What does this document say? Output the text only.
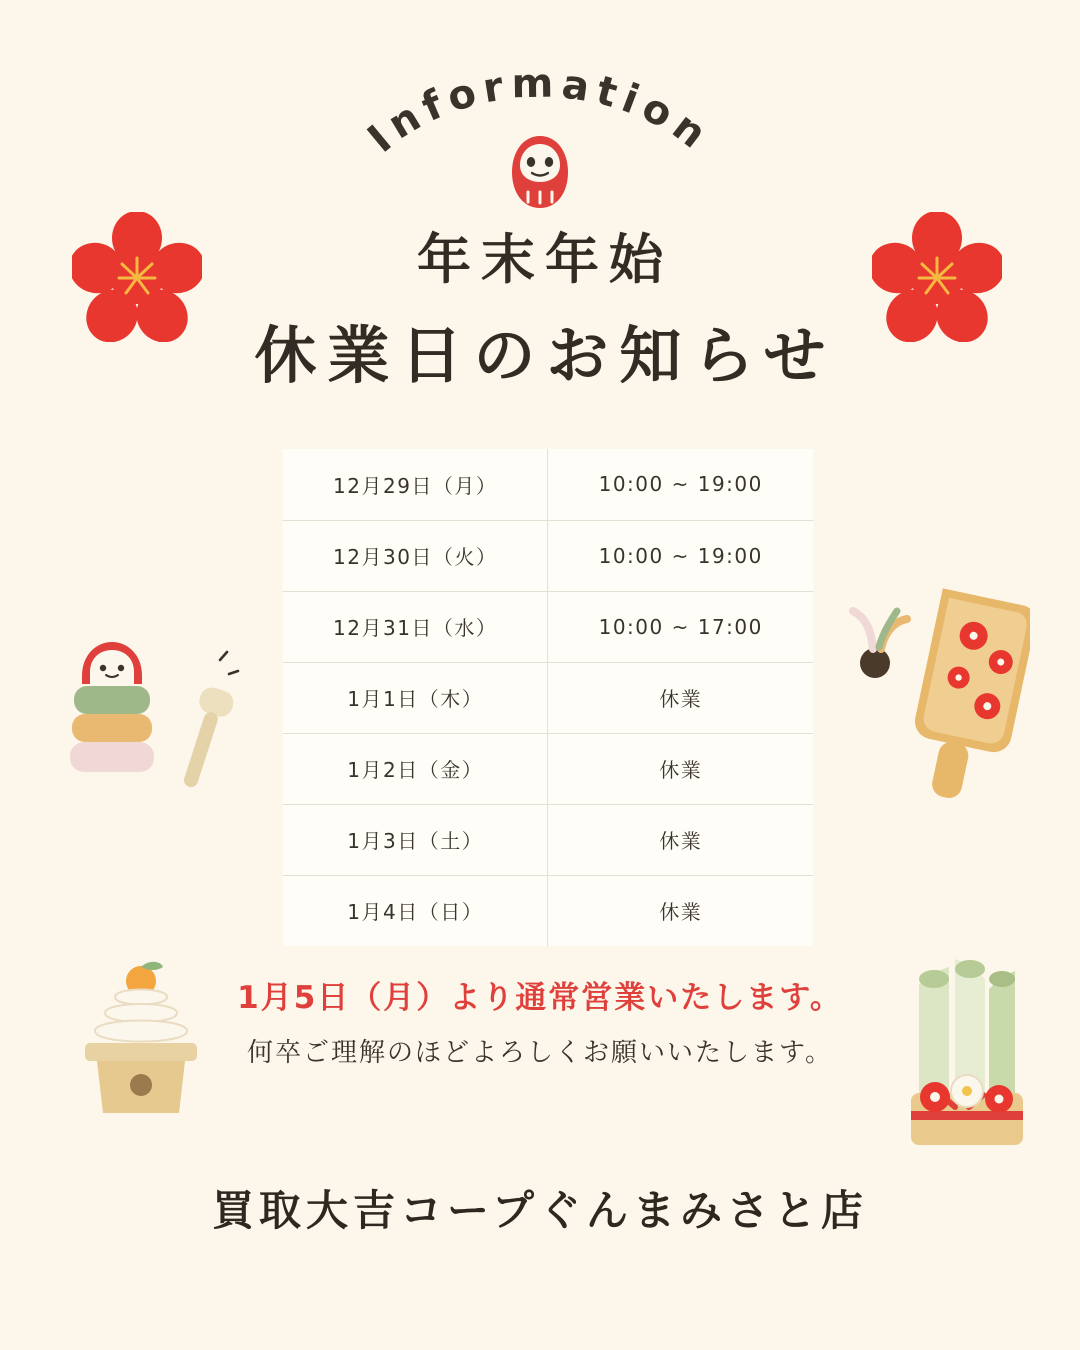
Information
年末年始
休業日のお知らせ
12月29日（月）	10:00 ~ 19:00
12月30日（火）	10:00 ~ 19:00
12月31日（水）	10:00 ~ 17:00
1月1日（木）	休業
1月2日（金）	休業
1月3日（土）	休業
1月4日（日）	休業
1月5日（月）より通常営業いたします。
何卒ご理解のほどよろしくお願いいたします。
買取大吉コープぐんまみさと店
